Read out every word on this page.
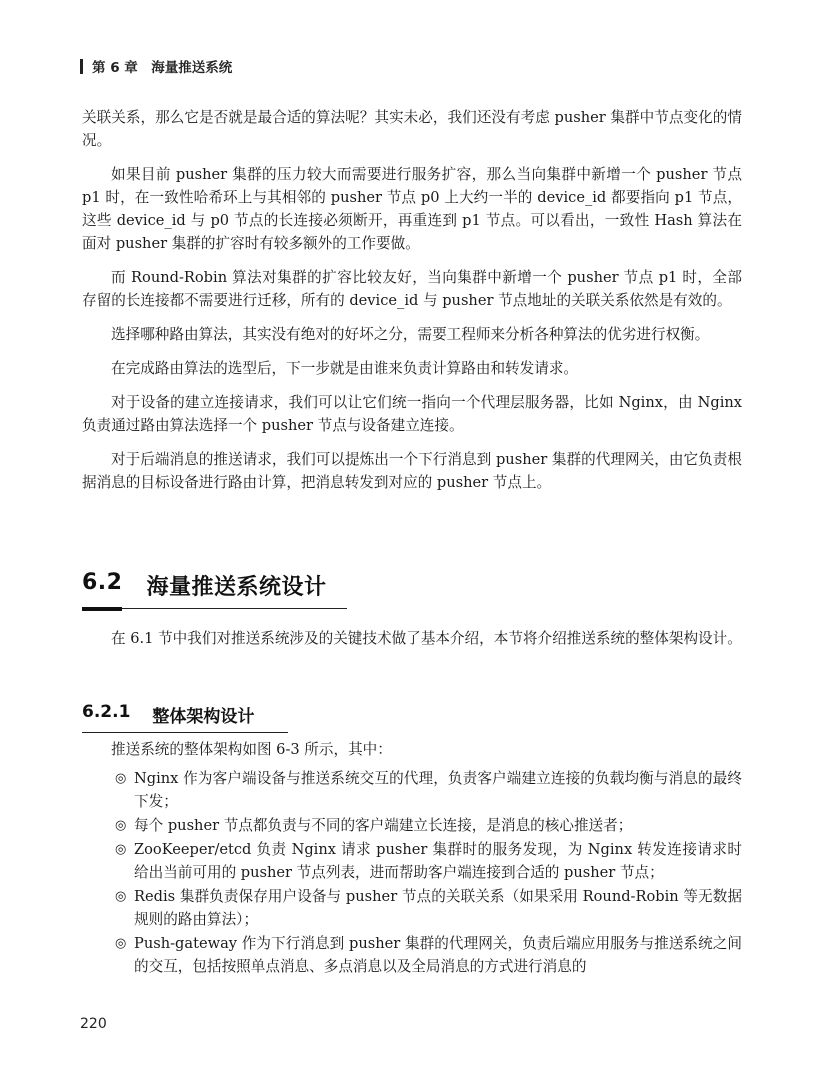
第 6 章　海量推送系统

关联关系，那么它是否就是最合适的算法呢？其实未必，我们还没有考虑 pusher 集群中节点变化的情况。

如果目前 pusher 集群的压力较大而需要进行服务扩容，那么当向集群中新增一个 pusher 节点 p1 时，在一致性哈希环上与其相邻的 pusher 节点 p0 上大约一半的 device_id 都要指向 p1 节点，这些 device_id 与 p0 节点的长连接必须断开，再重连到 p1 节点。可以看出，一致性 Hash 算法在面对 pusher 集群的扩容时有较多额外的工作要做。

而 Round-Robin 算法对集群的扩容比较友好，当向集群中新增一个 pusher 节点 p1 时，全部存留的长连接都不需要进行迁移，所有的 device_id 与 pusher 节点地址的关联关系依然是有效的。

选择哪种路由算法，其实没有绝对的好坏之分，需要工程师来分析各种算法的优劣进行权衡。

在完成路由算法的选型后，下一步就是由谁来负责计算路由和转发请求。

对于设备的建立连接请求，我们可以让它们统一指向一个代理层服务器，比如 Nginx，由 Nginx 负责通过路由算法选择一个 pusher 节点与设备建立连接。

对于后端消息的推送请求，我们可以提炼出一个下行消息到 pusher 集群的代理网关，由它负责根据消息的目标设备进行路由计算，把消息转发到对应的 pusher 节点上。

6.2 海量推送系统设计

在 6.1 节中我们对推送系统涉及的关键技术做了基本介绍，本节将介绍推送系统的整体架构设计。

6.2.1 整体架构设计

推送系统的整体架构如图 6-3 所示，其中：

◎ Nginx 作为客户端设备与推送系统交互的代理，负责客户端建立连接的负载均衡与消息的最终下发；
◎ 每个 pusher 节点都负责与不同的客户端建立长连接，是消息的核心推送者；
◎ ZooKeeper/etcd 负责 Nginx 请求 pusher 集群时的服务发现，为 Nginx 转发连接请求时给出当前可用的 pusher 节点列表，进而帮助客户端连接到合适的 pusher 节点；
◎ Redis 集群负责保存用户设备与 pusher 节点的关联关系（如果采用 Round-Robin 等无数据规则的路由算法）；
◎ Push-gateway 作为下行消息到 pusher 集群的代理网关，负责后端应用服务与推送系统之间的交互，包括按照单点消息、多点消息以及全局消息的方式进行消息的
220
